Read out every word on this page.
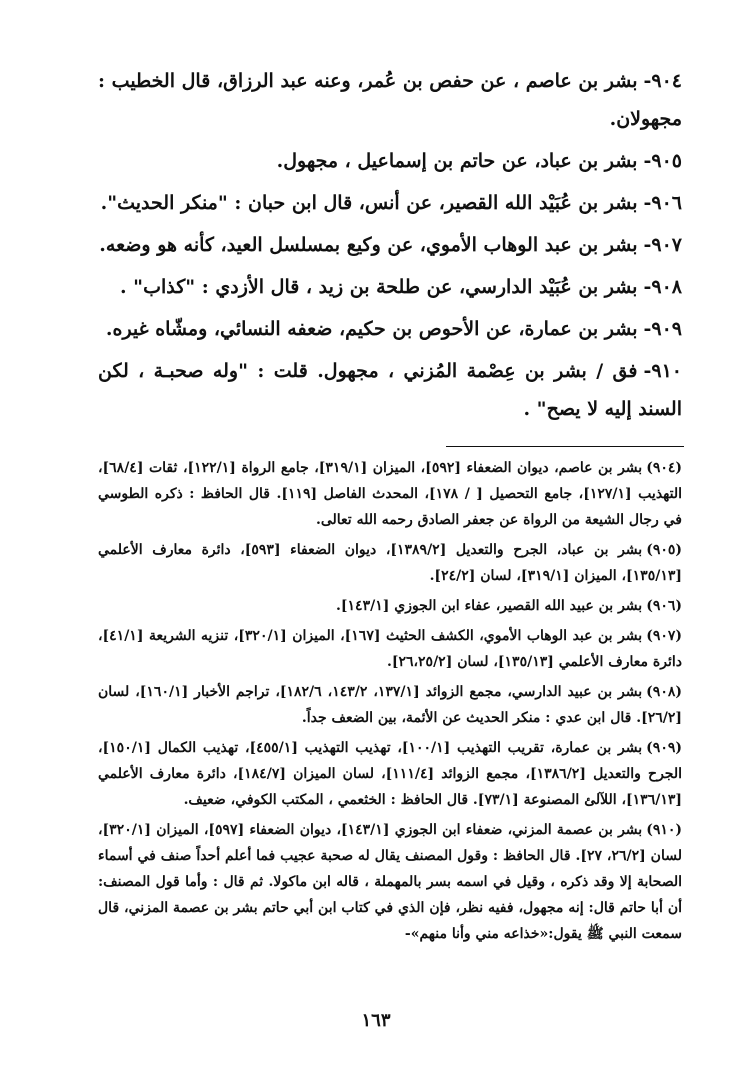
٩٠٤-بشر بن عاصم ، عن حفص بن عُمر، وعنه عبد الرزاق، قال الخطيب : مجهولان.

٩٠٥-بشر بن عباد، عن حاتم بن إسماعيل ، مجهول.

٩٠٦-بشر بن عُبَيْد الله القصير، عن أنس، قال ابن حبان : "منكر الحديث".

٩٠٧-بشر بن عبد الوهاب الأموي، عن وكيع بمسلسل العيد، كأنه هو وضعه.

٩٠٨-بشر بن عُبَيْد الدارسي، عن طلحة بن زيد ، قال الأزدي : "كذاب" .

٩٠٩-بشر بن عمارة، عن الأحوص بن حكيم، ضعفه النسائي، ومشّاه غيره.

٩١٠-فق / بشر بن عِصْمة المُزني ، مجهول. قلت : "وله صحبـة ، لكن السند إليه لا يصح" .

(٩٠٤)بشر بن عاصم، ديوان الضعفاء [٥٩٢]، الميزان [٣١٩/١]، جامع الرواة [١٢٢/١]، ثقات [٦٨/٤]، التهذيب [١٢٧/١]، جامع التحصيل [ / ١٧٨]، المحدث الفاصل [١١٩]. قال الحافظ : ذكره الطوسي في رجال الشيعة من الرواة عن جعفر الصادق رحمه الله تعالى.

(٩٠٥)بشر بن عباد، الجرح والتعديل [١٣٨٩/٢]، ديوان الضعفاء [٥٩٣]، دائرة معارف الأعلمي [١٣٥/١٣]، الميزان [٣١٩/١]، لسان [٢٤/٢].

(٩٠٦)بشر بن عبيد الله القصير، عفاء ابن الجوزي [١٤٣/١].

(٩٠٧)بشر بن عبد الوهاب الأموي، الكشف الحثيث [١٦٧]، الميزان [٣٢٠/١]، تنزيه الشريعة [٤١/١]، دائرة معارف الأعلمي [١٣٥/١٣]، لسان [٢٦،٢٥/٢].

(٩٠٨)بشر بن عبيد الدارسي، مجمع الزوائد [١٣٧/١، ١٤٣/٢، ١٨٢/٦]، تراجم الأخبار [١٦٠/١]، لسان [٢٦/٢]. قال ابن عدي : منكر الحديث عن الأئمة، بين الضعف جداً.

(٩٠٩)بشر بن عمارة، تقريب التهذيب [١٠٠/١]، تهذيب التهذيب [٤٥٥/١]، تهذيب الكمال [١٥٠/١]، الجرح والتعديل [١٣٨٦/٢]، مجمع الزوائد [١١١/٤]، لسان الميزان [١٨٤/٧]، دائرة معارف الأعلمي [١٣٦/١٣]، اللآلئ المصنوعة [٧٣/١]. قال الحافظ : الخثعمي ، المكتب الكوفي، ضعيف.

(٩١٠)بشر بن عصمة المزني، ضعفاء ابن الجوزي [١٤٣/١]، ديوان الضعفاء [٥٩٧]، الميزان [٣٢٠/١]، لسان [٢٦/٢، ٢٧]. قال الحافظ : وقول المصنف يقال له صحبة عجيب فما أعلم أحداً صنف في أسماء الصحابة إلا وقد ذكره ، وقيل في اسمه بسر بالمهملة ، قاله ابن ماكولا. ثم قال : وأما قول المصنف: أن أبا حاتم قال: إنه مجهول، ففيه نظر، فإن الذي في كتاب ابن أبي حاتم بشر بن عصمة المزني، قال سمعت النبي ﷺ يقول:«خذاعه مني وأنا منهم»-

١٦٣
